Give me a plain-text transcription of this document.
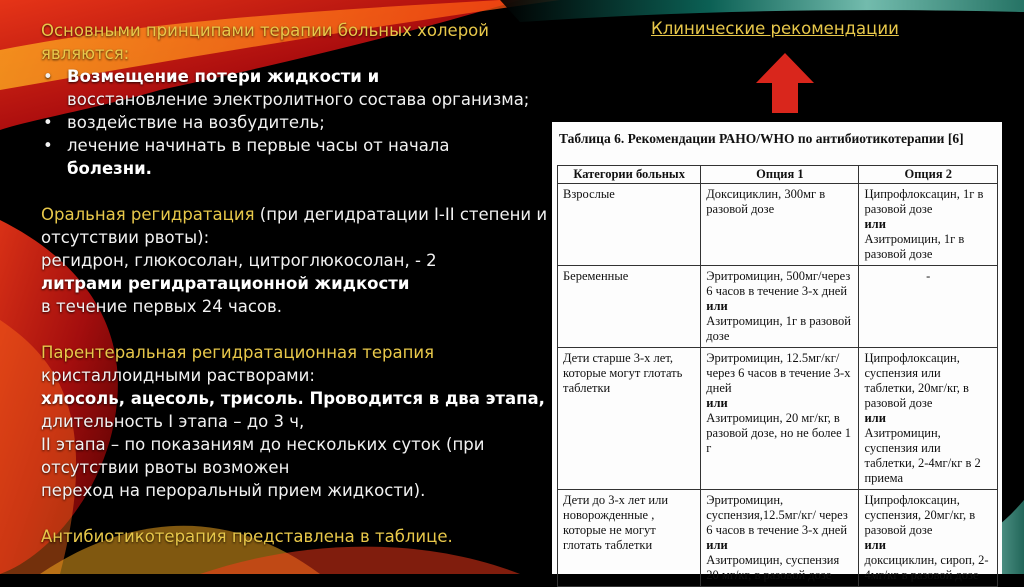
Основными принципами терапии больных холерой являются:

• Возмещение потери жидкости и
восстановление электролитного состава организма;
• воздействие на возбудитель;
• лечение начинать в первые часы от начала
болезни.

Оральная регидратация (при дегидратации I-II степени и отсутствии рвоты):

регидрон, глюкосолан, цитроглюкосолан, - 2

литрами регидратационной жидкости

в течение первых 24 часов.

Парентеральная регидратационная терапия

кристаллоидными растворами:

хлосоль, ацесоль, трисоль. Проводится в два этапа,

длительность I этапа – до 3 ч,

II этапа – по показаниям до нескольких суток (при отсутствии рвоты возможен

переход на пероральный прием жидкости).

Антибиотикотерапия представлена в таблице.

Клинические рекомендации
Таблица 6. Рекомендации РАНО/WHO по антибиотикотерапии [6]
Категории больных	Опция 1	Опция 2
Взрослые	Доксициклин, 300мг в разовой дозе	Ципрофлоксацин, 1г в разовой дозе
или
Азитромицин, 1г в разовой дозе
Беременные	Эритромицин, 500мг/через 6 часов в течение 3-х дней
или
Азитромицин, 1г в разовой дозе	-
Дети старше 3-х лет, которые могут глотать таблетки	Эритромицин, 12.5мг/кг/ через 6 часов в течение 3-х дней
или
Азитромицин, 20 мг/кг, в разовой дозе, но не более 1 г	Ципрофлоксацин, суспензия или таблетки, 20мг/кг, в разовой дозе
или
Азитромицин, суспензия или таблетки, 2-4мг/кг в 2 приема
Дети до 3-х лет или новорожденные , которые не могут глотать таблетки	Эритромицин, суспензия,12.5мг/кг/ через 6 часов в течение 3-х дней
или
Азитромицин, суспензия 20 мг/кг, в разовой дозе	Ципрофлоксацин, суспензия, 20мг/кг, в разовой дозе
или
доксициклин, сироп, 2-4мг/кг в разовой дозе
